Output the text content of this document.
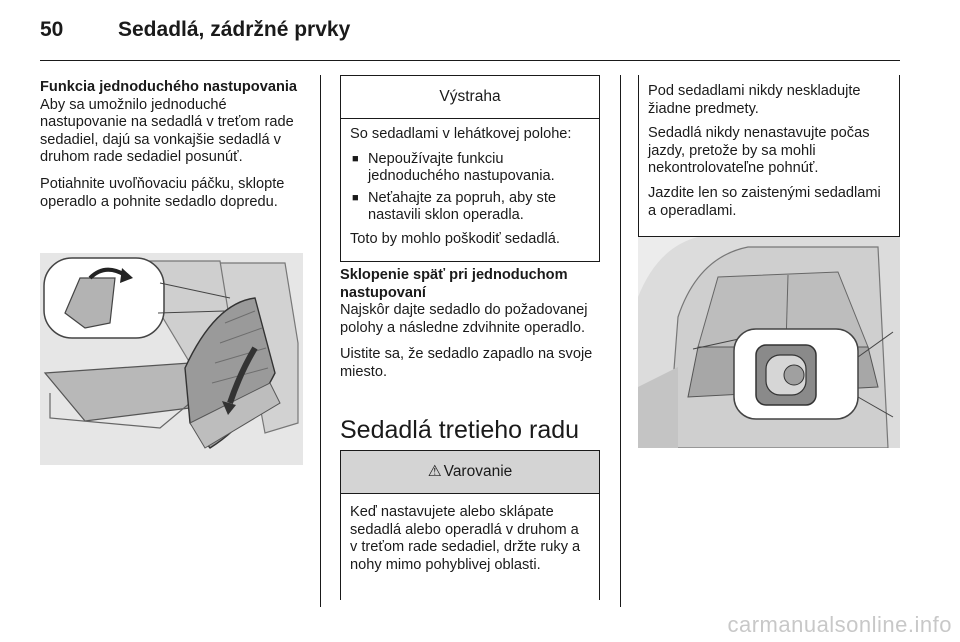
50	Sedadlá, zádržné prvky
Funkcia jednoduchého nastupovania

Aby sa umožnilo jednoduché nastupovanie na sedadlá v treťom rade sedadiel, dajú sa vonkajšie sedadlá v druhom rade sedadiel posunúť.

Potiahnite uvoľňovaciu páčku, sklopte operadlo a pohnite sedadlo dopredu.

Výstraha

So sedadlami v lehátkovej polohe:

■ Nepoužívajte funkciu jednoduchého nastupovania.
■ Neťahajte za popruh, aby ste nastavili sklon operadla.

Toto by mohlo poškodiť sedadlá.

Sklopenie späť pri jednoduchom nastupovaní

Najskôr dajte sedadlo do požadovanej polohy a následne zdvihnite operadlo.

Uistite sa, že sedadlo zapadlo na svoje miesto.

Sedadlá tretieho radu
⚠ Varovanie

Keď nastavujete alebo sklápate sedadlá alebo operadlá v druhom a v treťom rade sedadiel, držte ruky a nohy mimo pohyblivej oblasti.

Pod sedadlami nikdy neskladujte žiadne predmety.

Sedadlá nikdy nenastavujte počas jazdy, pretože by sa mohli nekontrolovateľne pohnúť.

Jazdite len so zaistenými sedadlami a operadlami.

carmanualsonline.info
